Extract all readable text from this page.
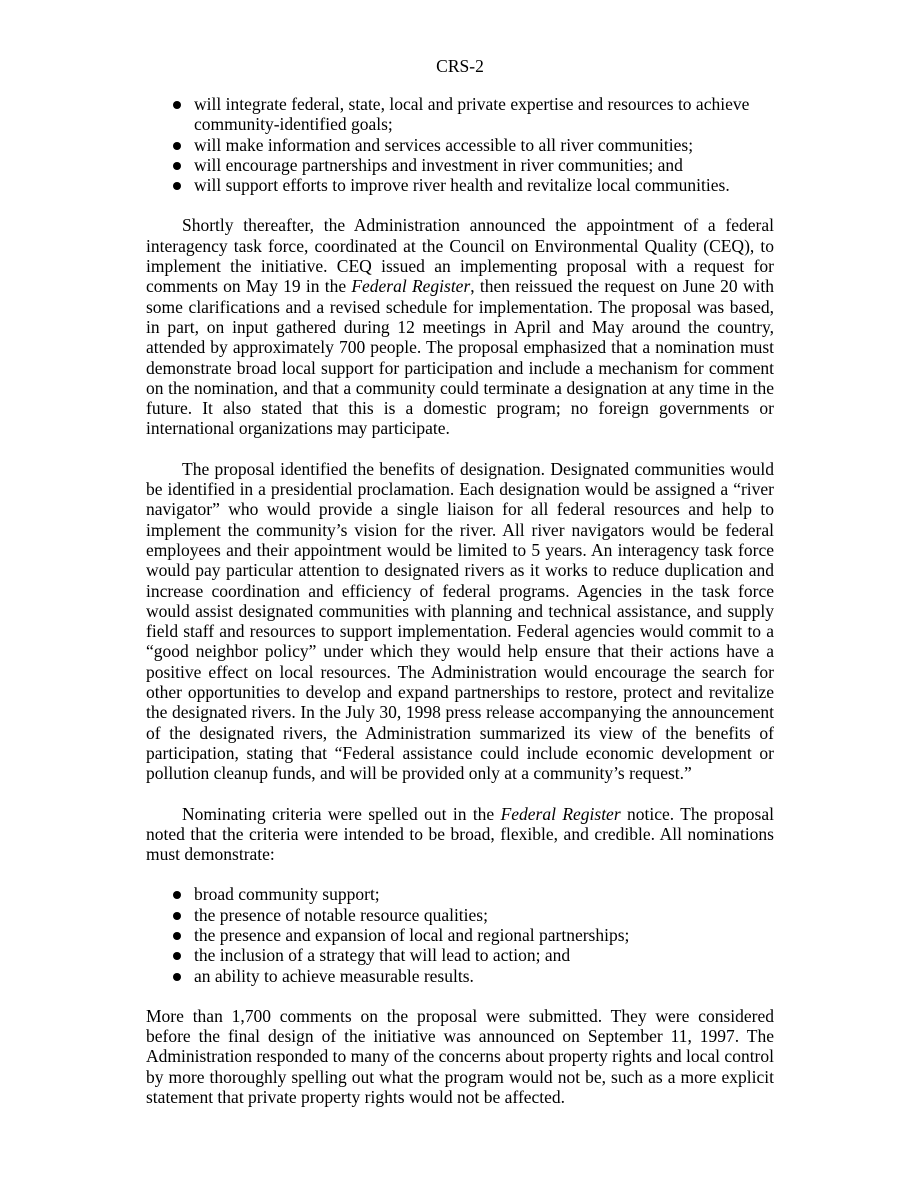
CRS-2
will integrate federal, state, local and private expertise and resources to achieve community-identified goals;
will make information and services accessible to all river communities;
will encourage partnerships and investment in river communities; and
will support efforts to improve river health and revitalize local communities.

Shortly thereafter, the Administration announced the appointment of a federal interagency task force, coordinated at the Council on Environmental Quality (CEQ), to implement the initiative. CEQ issued an implementing proposal with a request for comments on May 19 in the Federal Register, then reissued the request on June 20 with some clarifications and a revised schedule for implementation. The proposal was based, in part, on input gathered during 12 meetings in April and May around the country, attended by approximately 700 people. The proposal emphasized that a nomination must demonstrate broad local support for participation and include a mechanism for comment on the nomination, and that a community could terminate a designation at any time in the future. It also stated that this is a domestic program; no foreign governments or international organizations may participate.

The proposal identified the benefits of designation. Designated communities would be identified in a presidential proclamation. Each designation would be assigned a “river navigator” who would provide a single liaison for all federal resources and help to implement the community’s vision for the river. All river navigators would be federal employees and their appointment would be limited to 5 years. An interagency task force would pay particular attention to designated rivers as it works to reduce duplication and increase coordination and efficiency of federal programs. Agencies in the task force would assist designated communities with planning and technical assistance, and supply field staff and resources to support implementation. Federal agencies would commit to a “good neighbor policy” under which they would help ensure that their actions have a positive effect on local resources. The Administration would encourage the search for other opportunities to develop and expand partnerships to restore, protect and revitalize the designated rivers. In the July 30, 1998 press release accompanying the announcement of the designated rivers, the Administration summarized its view of the benefits of participation, stating that “Federal assistance could include economic development or pollution cleanup funds, and will be provided only at a community’s request.”

Nominating criteria were spelled out in the Federal Register notice. The proposal noted that the criteria were intended to be broad, flexible, and credible. All nominations must demonstrate:

broad community support;
the presence of notable resource qualities;
the presence and expansion of local and regional partnerships;
the inclusion of a strategy that will lead to action; and
an ability to achieve measurable results.

More than 1,700 comments on the proposal were submitted. They were considered before the final design of the initiative was announced on September 11, 1997. The Administration responded to many of the concerns about property rights and local control by more thoroughly spelling out what the program would not be, such as a more explicit statement that private property rights would not be affected.
